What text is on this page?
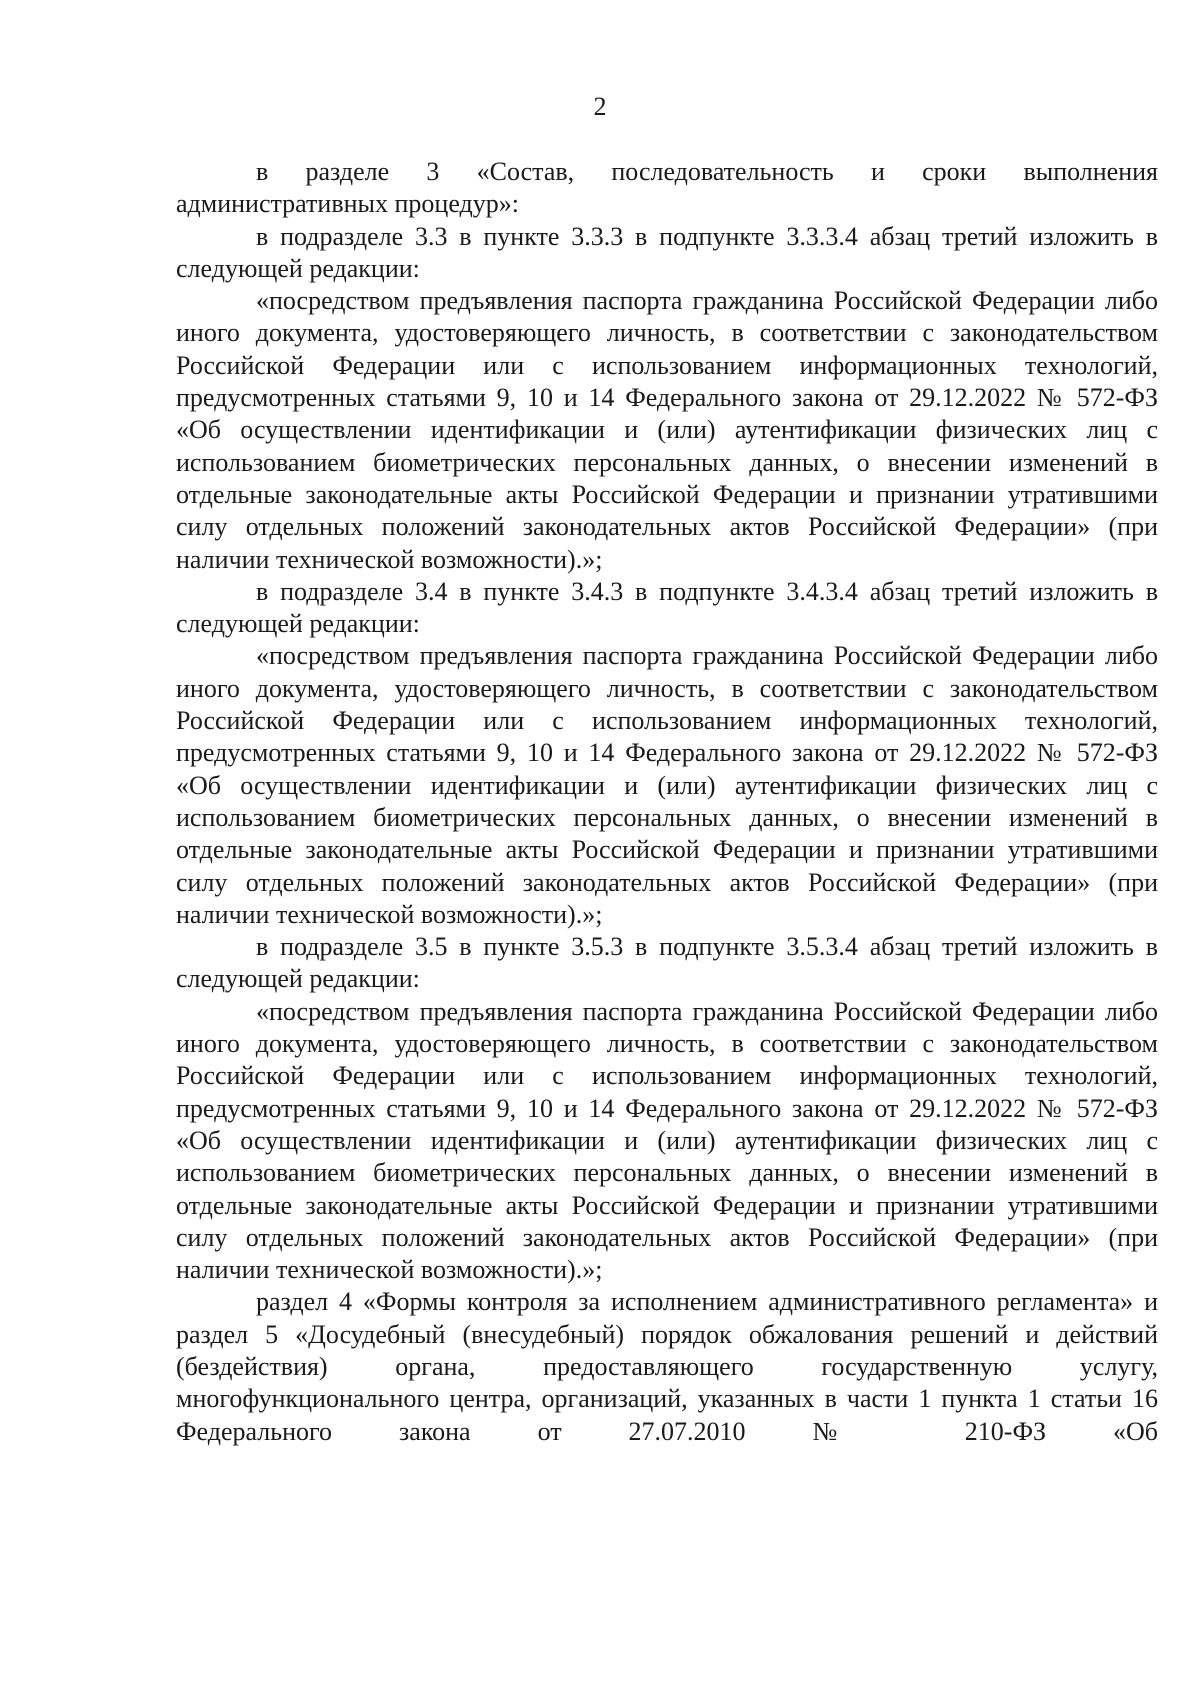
2

в разделе 3 «Состав, последовательность и сроки выполнения административных процедур»:

в подразделе 3.3 в пункте 3.3.3 в подпункте 3.3.3.4 абзац третий изложить в следующей редакции:

«посредством предъявления паспорта гражданина Российской Федерации либо иного документа, удостоверяющего личность, в соответствии с законодательством Российской Федерации или с использованием информационных технологий, предусмотренных статьями 9, 10 и 14 Федерального закона от 29.12.2022 № 572-ФЗ «Об осуществлении идентификации и (или) аутентификации физических лиц с использованием биометрических персональных данных, о внесении изменений в отдельные законодательные акты Российской Федерации и признании утратившими силу отдельных положений законодательных актов Российской Федерации» (при наличии технической возможности).»;

в подразделе 3.4 в пункте 3.4.3 в подпункте 3.4.3.4 абзац третий изложить в следующей редакции:

«посредством предъявления паспорта гражданина Российской Федерации либо иного документа, удостоверяющего личность, в соответствии с законодательством Российской Федерации или с использованием информационных технологий, предусмотренных статьями 9, 10 и 14 Федерального закона от 29.12.2022 № 572-ФЗ «Об осуществлении идентификации и (или) аутентификации физических лиц с использованием биометрических персональных данных, о внесении изменений в отдельные законодательные акты Российской Федерации и признании утратившими силу отдельных положений законодательных актов Российской Федерации» (при наличии технической возможности).»;

в подразделе 3.5 в пункте 3.5.3 в подпункте 3.5.3.4 абзац третий изложить в следующей редакции:

«посредством предъявления паспорта гражданина Российской Федерации либо иного документа, удостоверяющего личность, в соответствии с законодательством Российской Федерации или с использованием информационных технологий, предусмотренных статьями 9, 10 и 14 Федерального закона от 29.12.2022 № 572-ФЗ «Об осуществлении идентификации и (или) аутентификации физических лиц с использованием биометрических персональных данных, о внесении изменений в отдельные законодательные акты Российской Федерации и признании утратившими силу отдельных положений законодательных актов Российской Федерации» (при наличии технической возможности).»;

раздел 4 «Формы контроля за исполнением административного регламента» и раздел 5 «Досудебный (внесудебный) порядок обжалования решений и действий (бездействия) органа, предоставляющего государственную услугу, многофункционального центра, организаций, указанных в части 1 пункта 1 статьи 16 Федерального закона от 27.07.2010 № 210-ФЗ «Об
